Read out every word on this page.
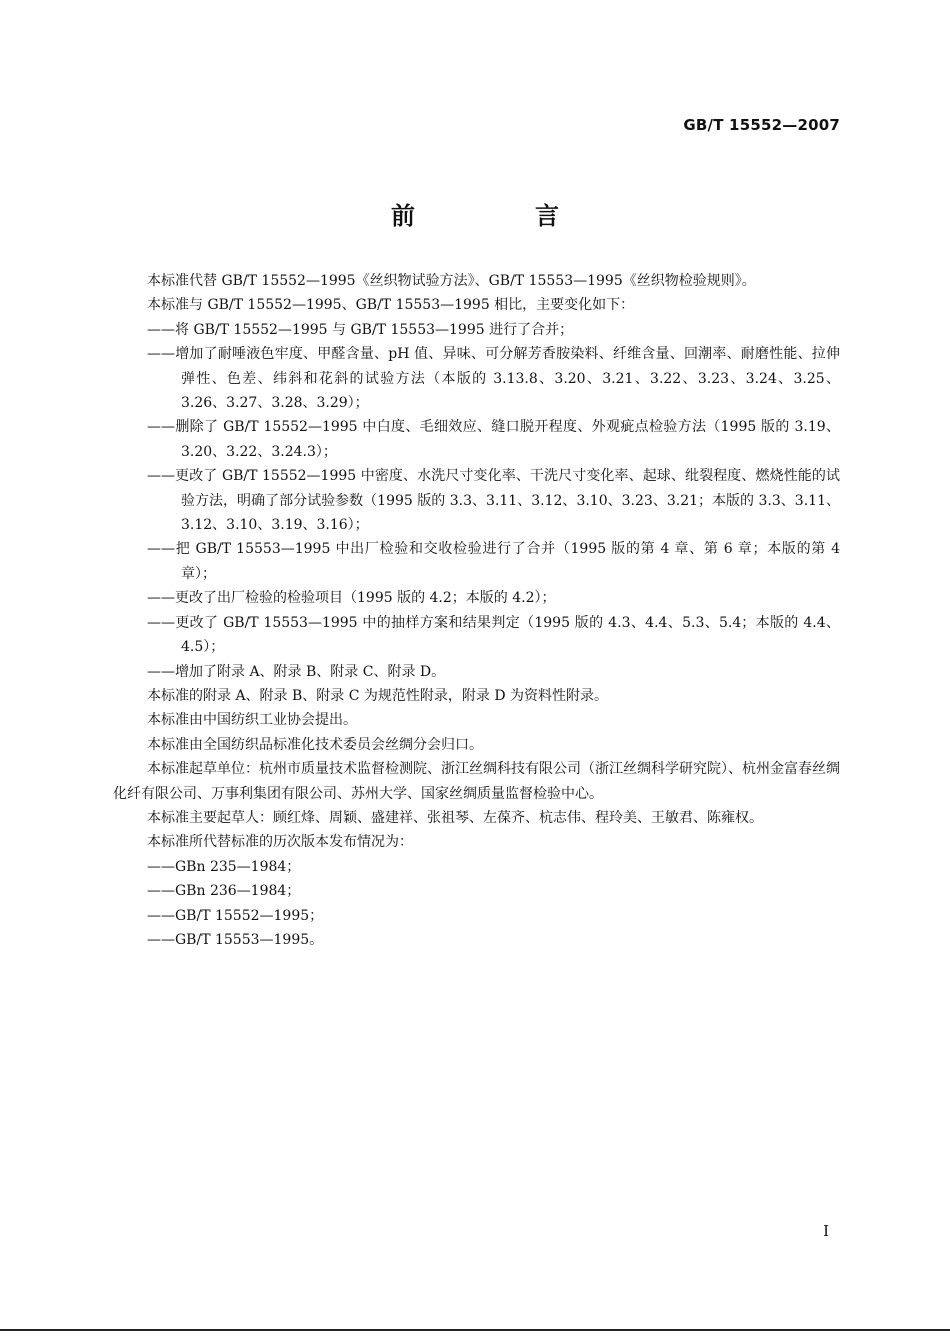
GB/T 15552—2007
前　言

本标准代替 GB/T 15552—1995《丝织物试验方法》、GB/T 15553—1995《丝织物检验规则》。

本标准与 GB/T 15552—1995、GB/T 15553—1995 相比，主要变化如下：

——将 GB/T 15552—1995 与 GB/T 15553—1995 进行了合并；

——增加了耐唾液色牢度、甲醛含量、pH 值、异味、可分解芳香胺染料、纤维含量、回潮率、耐磨性能、拉伸弹性、色差、纬斜和花斜的试验方法（本版的 3.13.8、3.20、3.21、3.22、3.23、3.24、3.25、3.26、3.27、3.28、3.29）；

——删除了 GB/T 15552—1995 中白度、毛细效应、缝口脱开程度、外观疵点检验方法（1995 版的 3.19、3.20、3.22、3.24.3）；

——更改了 GB/T 15552—1995 中密度、水洗尺寸变化率、干洗尺寸变化率、起球、纰裂程度、燃烧性能的试验方法，明确了部分试验参数（1995 版的 3.3、3.11、3.12、3.10、3.23、3.21；本版的 3.3、3.11、3.12、3.10、3.19、3.16）；

——把 GB/T 15553—1995 中出厂检验和交收检验进行了合并（1995 版的第 4 章、第 6 章；本版的第 4 章）；

——更改了出厂检验的检验项目（1995 版的 4.2；本版的 4.2）；

——更改了 GB/T 15553—1995 中的抽样方案和结果判定（1995 版的 4.3、4.4、5.3、5.4；本版的 4.4、4.5）；

——增加了附录 A、附录 B、附录 C、附录 D。

本标准的附录 A、附录 B、附录 C 为规范性附录，附录 D 为资料性附录。

本标准由中国纺织工业协会提出。

本标准由全国纺织品标准化技术委员会丝绸分会归口。

本标准起草单位：杭州市质量技术监督检测院、浙江丝绸科技有限公司（浙江丝绸科学研究院）、杭州金富春丝绸化纤有限公司、万事利集团有限公司、苏州大学、国家丝绸质量监督检验中心。

本标准主要起草人：顾红烽、周颖、盛建祥、张祖琴、左葆齐、杭志伟、程玲美、王敏君、陈雍权。

本标准所代替标准的历次版本发布情况为：

——GBn 235—1984；

——GBn 236—1984；

——GB/T 15552—1995；

——GB/T 15553—1995。

I
